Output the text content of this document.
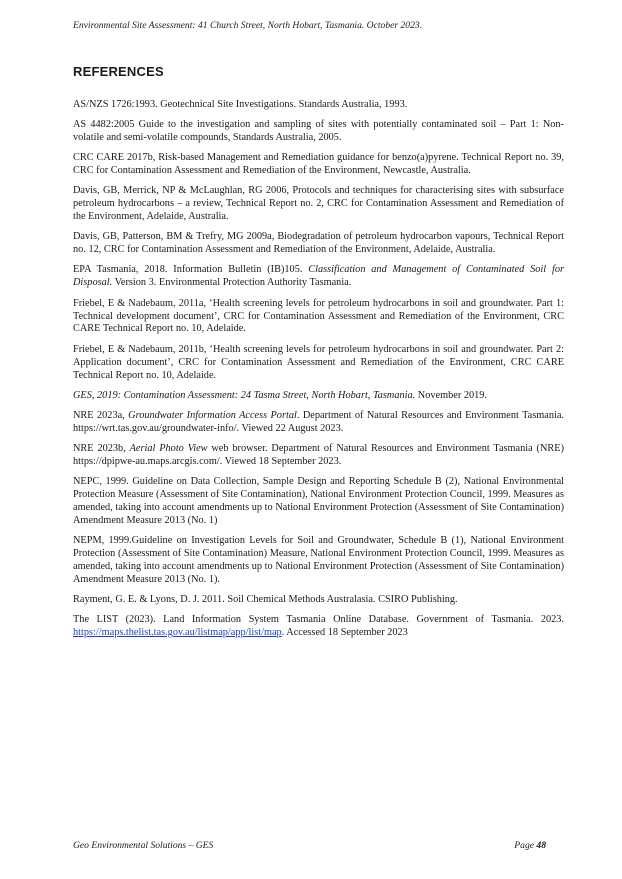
Environmental Site Assessment: 41 Church Street, North Hobart, Tasmania. October 2023.
REFERENCES

AS/NZS 1726:1993. Geotechnical Site Investigations. Standards Australia, 1993.

AS 4482:2005 Guide to the investigation and sampling of sites with potentially contaminated soil – Part 1: Non-volatile and semi-volatile compounds, Standards Australia, 2005.

CRC CARE 2017b, Risk-based Management and Remediation guidance for benzo(a)pyrene. Technical Report no. 39, CRC for Contamination Assessment and Remediation of the Environment, Newcastle, Australia.

Davis, GB, Merrick, NP & McLaughlan, RG 2006, Protocols and techniques for characterising sites with subsurface petroleum hydrocarbons – a review, Technical Report no. 2, CRC for Contamination Assessment and Remediation of the Environment, Adelaide, Australia.

Davis, GB, Patterson, BM & Trefry, MG 2009a, Biodegradation of petroleum hydrocarbon vapours, Technical Report no. 12, CRC for Contamination Assessment and Remediation of the Environment, Adelaide, Australia.

EPA Tasmania, 2018. Information Bulletin (IB)105. Classification and Management of Contaminated Soil for Disposal. Version 3. Environmental Protection Authority Tasmania.

Friebel, E & Nadebaum, 2011a, ‘Health screening levels for petroleum hydrocarbons in soil and groundwater. Part 1: Technical development document’, CRC for Contamination Assessment and Remediation of the Environment, CRC CARE Technical Report no. 10, Adelaide.

Friebel, E & Nadebaum, 2011b, ‘Health screening levels for petroleum hydrocarbons in soil and groundwater. Part 2: Application document’, CRC for Contamination Assessment and Remediation of the Environment, CRC CARE Technical Report no. 10, Adelaide.

GES, 2019: Contamination Assessment: 24 Tasma Street, North Hobart, Tasmania. November 2019.

NRE 2023a, Groundwater Information Access Portal. Department of Natural Resources and Environment Tasmania. https://wrt.tas.gov.au/groundwater-info/. Viewed 22 August 2023.

NRE 2023b, Aerial Photo View web browser. Department of Natural Resources and Environment Tasmania (NRE) https://dpipwe-au.maps.arcgis.com/. Viewed 18 September 2023.

NEPC, 1999. Guideline on Data Collection, Sample Design and Reporting Schedule B (2), National Environmental Protection Measure (Assessment of Site Contamination), National Environment Protection Council, 1999. Measures as amended, taking into account amendments up to National Environment Protection (Assessment of Site Contamination) Amendment Measure 2013 (No. 1)

NEPM, 1999.Guideline on Investigation Levels for Soil and Groundwater, Schedule B (1), National Environment Protection (Assessment of Site Contamination) Measure, National Environment Protection Council, 1999. Measures as amended, taking into account amendments up to National Environment Protection (Assessment of Site Contamination) Amendment Measure 2013 (No. 1).

Rayment, G. E. & Lyons, D. J. 2011. Soil Chemical Methods Australasia. CSIRO Publishing.

The LIST (2023). Land Information System Tasmania Online Database. Government of Tasmania. 2023. https://maps.thelist.tas.gov.au/listmap/app/list/map. Accessed 18 September 2023

Geo Environmental Solutions – GES	Page 48
